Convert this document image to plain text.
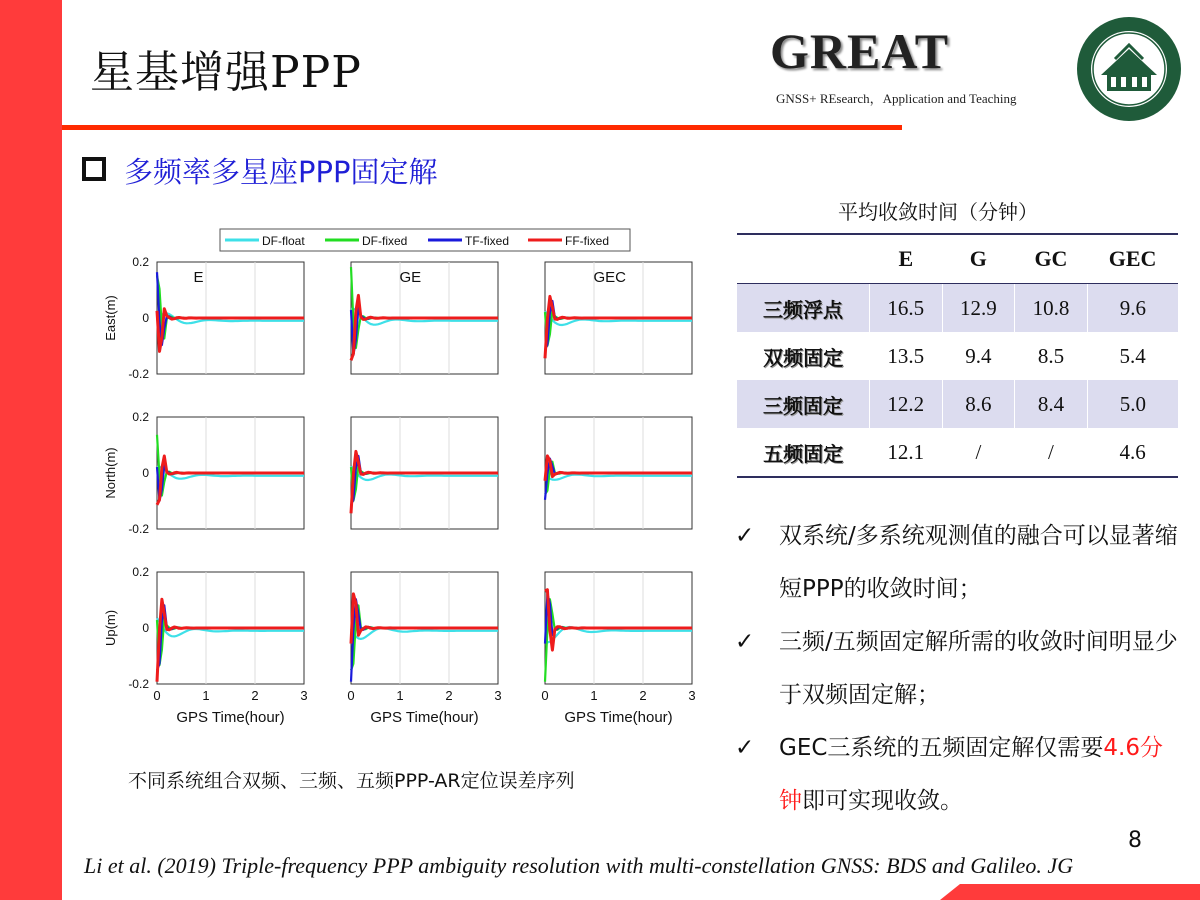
星基增强PPP	GREAT
GNSS+ REsearch，Application and Teaching
多频率多星座PPP固定解
DF-float	DF-fixed	TF-fixed	FF-fixed
E
0.2
0
-0.2
East(m)
GE	GEC
0.2
0
-0.2
North(m)
0.2
0
-0.2
Up(m)
0	1	2	3
GPS Time(hour)
0	1	2	3
GPS Time(hour)
0	1	2	3
GPS Time(hour)
不同系统组合双频、三频、五频PPP-AR定位误差序列
平均收敛时间（分钟）
	E	G	GC	GEC
三频浮点	16.5	12.9	10.8	9.6
双频固定	13.5	9.4	8.5	5.4
三频固定	12.2	8.6	8.4	5.0
五频固定	12.1	/	/	4.6
✓ 双系统/多系统观测值的融合可以显著缩短PPP的收敛时间；
✓ 三频/五频固定解所需的收敛时间明显少于双频固定解；
✓ GEC三系统的五频固定解仅需要4.6分钟即可实现收敛。
8
Li et al. (2019) Triple-frequency PPP ambiguity resolution with multi-constellation GNSS: BDS and Galileo. JG
